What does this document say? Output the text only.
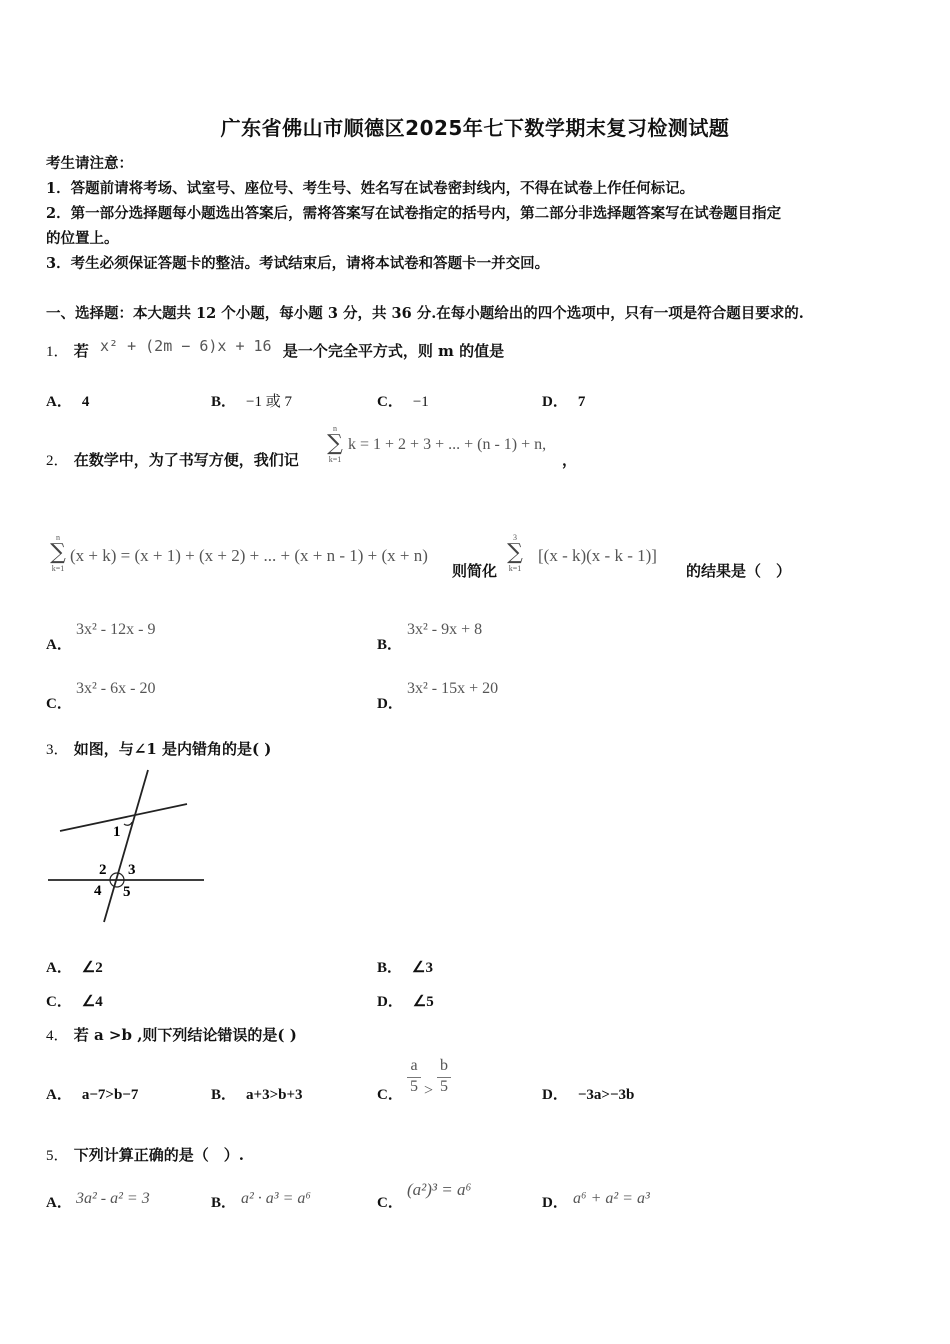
广东省佛山市顺德区2025年七下数学期末复习检测试题
考生请注意：
1．答题前请将考场、试室号、座位号、考生号、姓名写在试卷密封线内，不得在试卷上作任何标记。
2．第一部分选择题每小题选出答案后，需将答案写在试卷指定的括号内，第二部分非选择题答案写在试卷题目指定
的位置上。
3．考生必须保证答题卡的整洁。考试结束后，请将本试卷和答题卡一并交回。
一、选择题：本大题共 12 个小题，每小题 3 分，共 36 分.在每小题给出的四个选项中，只有一项是符合题目要求的.
1． 若 x² + (2m − 6)x + 16 是一个完全平方式，则 m 的值是
A． 4	B． −1 或 7	C． −1	D． 7
2． 在数学中，为了书写方便，我们记
n
∑
k=1
k = 1 + 2 + 3 + ... + (n - 1) + n,
，
n
∑
k=1
(x + k) = (x + 1) + (x + 2) + ... + (x + n - 1) + (x + n)
则简化
3
∑
k=1
[(x - k)(x - k - 1)]
的结果是（　）
A．
3x² - 12x - 9
B．
3x² - 9x + 8
C．
3x² - 6x - 20
D．
3x² - 15x + 20
3． 如图，与∠1 是内错角的是( )
1
2 3
4 5
A． ∠2	B． ∠3
C． ∠4	D． ∠5
4． 若 a >b ,则下列结论错误的是( )
A． a−7>b−7	B． a+3>b+3	C．
a
5 >
b
5	D． −3a>−3b
5． 下列计算正确的是（　）.
A． 3a² - a² = 3	B． a² · a³ = a⁶	C．
(a²)³ = a⁶
D． a⁶ + a² = a³
